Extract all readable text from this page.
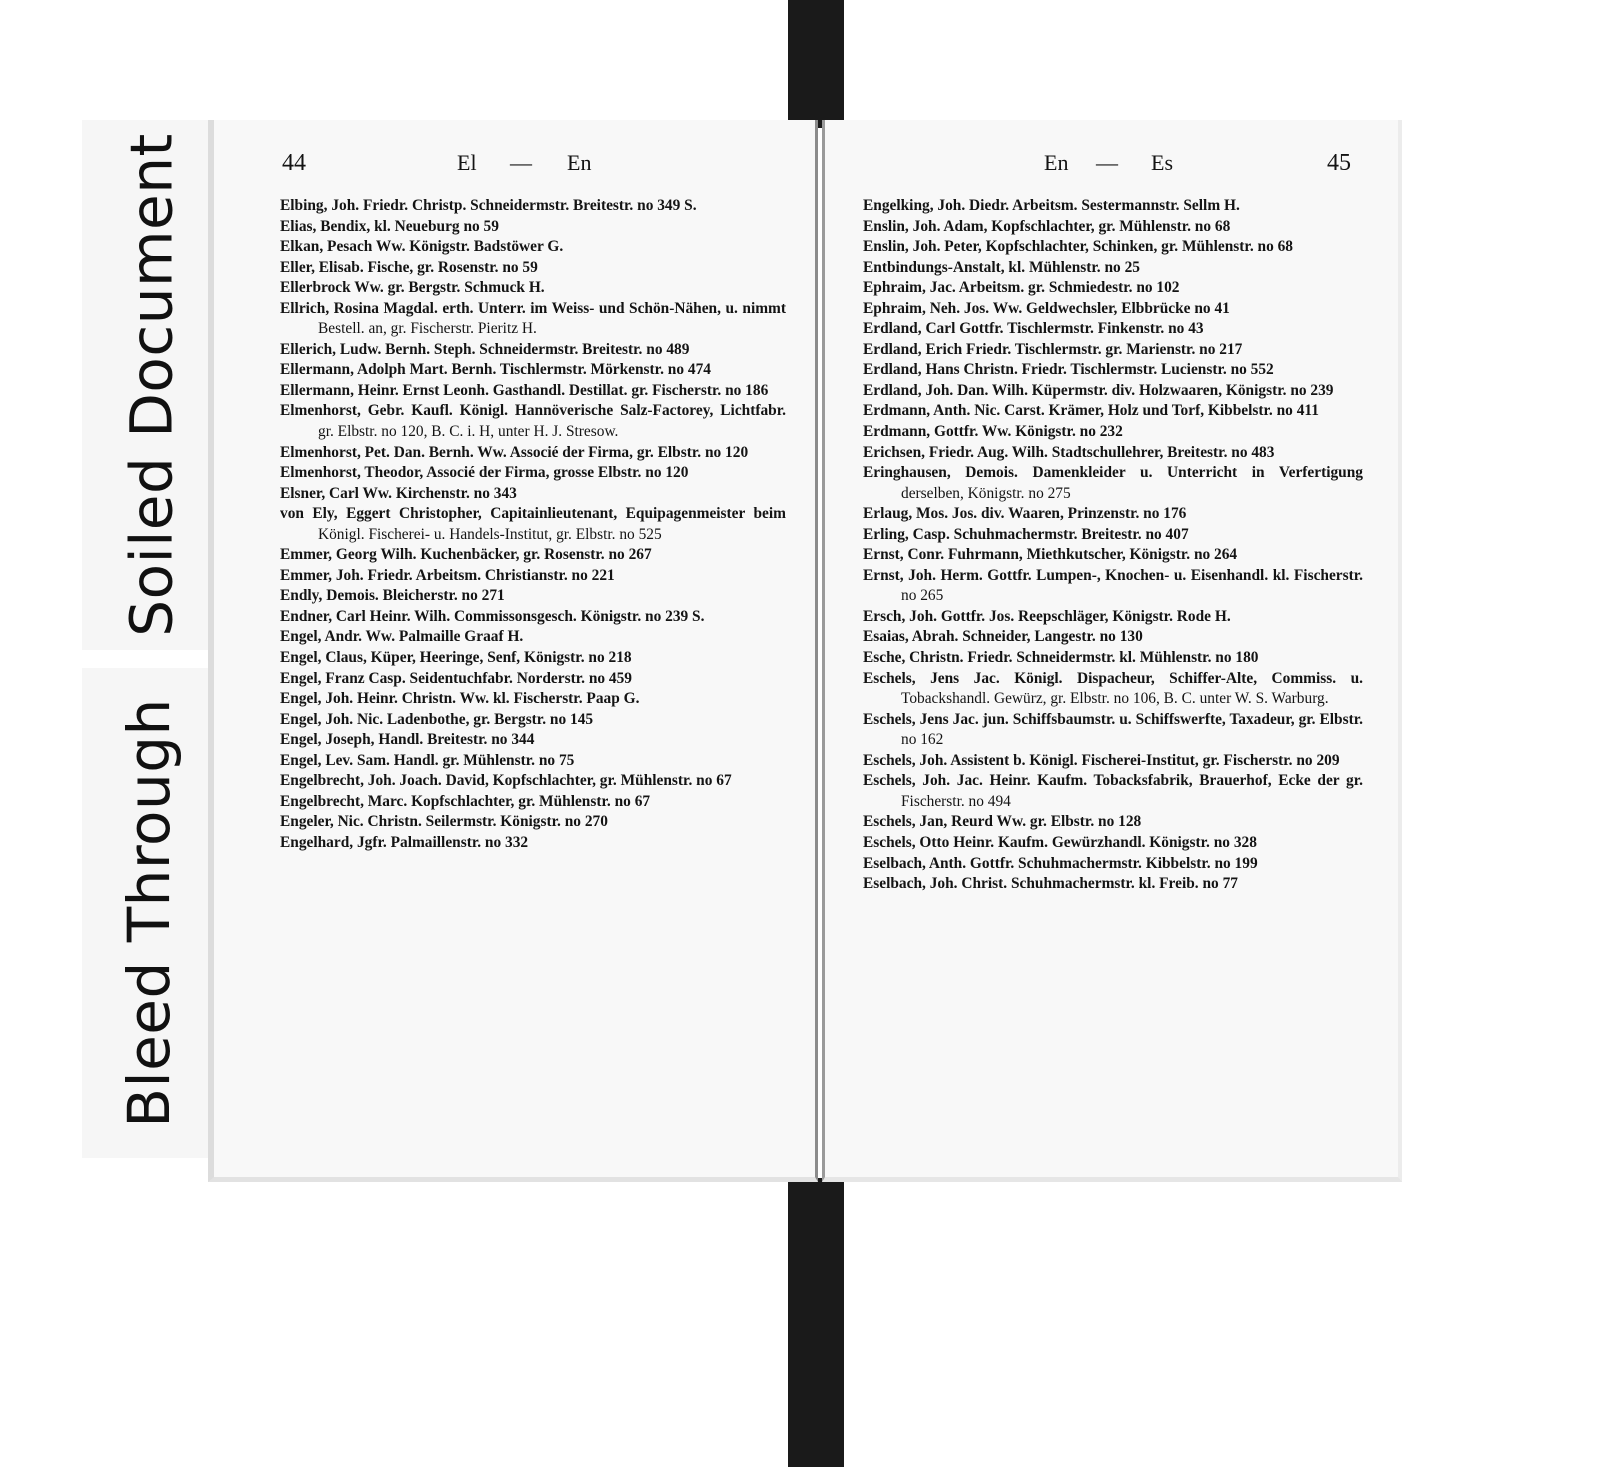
Soiled Document
Bleed Through
44	El — En

Elbing, Joh. Friedr. Christp. Schneidermstr. Breitestr. no 349 S.

Elias, Bendix, kl. Neueburg no 59

Elkan, Pesach Ww. Königstr. Badstöwer G.

Eller, Elisab. Fische, gr. Rosenstr. no 59

Ellerbrock Ww. gr. Bergstr. Schmuck H.

Ellrich, Rosina Magdal. erth. Unterr. im Weiss- und Schön-Nähen, u. nimmt Bestell. an, gr. Fischerstr. Pieritz H.

Ellerich, Ludw. Bernh. Steph. Schneidermstr. Breitestr. no 489

Ellermann, Adolph Mart. Bernh. Tischlermstr. Mörkenstr. no 474

Ellermann, Heinr. Ernst Leonh. Gasthandl. Destillat. gr. Fischerstr. no 186

Elmenhorst, Gebr. Kaufl. Königl. Hannöverische Salz-Factorey, Lichtfabr. gr. Elbstr. no 120, B. C. i. H, unter H. J. Stresow.

Elmenhorst, Pet. Dan. Bernh. Ww. Associé der Firma, gr. Elbstr. no 120

Elmenhorst, Theodor, Associé der Firma, grosse Elbstr. no 120

Elsner, Carl Ww. Kirchenstr. no 343

von Ely, Eggert Christopher, Capitainlieutenant, Equipagenmeister beim Königl. Fischerei- u. Handels-Institut, gr. Elbstr. no 525

Emmer, Georg Wilh. Kuchenbäcker, gr. Rosenstr. no 267

Emmer, Joh. Friedr. Arbeitsm. Christianstr. no 221

Endly, Demois. Bleicherstr. no 271

Endner, Carl Heinr. Wilh. Commissonsgesch. Königstr. no 239 S.

Engel, Andr. Ww. Palmaille Graaf H.

Engel, Claus, Küper, Heeringe, Senf, Königstr. no 218

Engel, Franz Casp. Seidentuchfabr. Norderstr. no 459

Engel, Joh. Heinr. Christn. Ww. kl. Fischerstr. Paap G.

Engel, Joh. Nic. Ladenbothe, gr. Bergstr. no 145

Engel, Joseph, Handl. Breitestr. no 344

Engel, Lev. Sam. Handl. gr. Mühlenstr. no 75

Engelbrecht, Joh. Joach. David, Kopfschlachter, gr. Mühlenstr. no 67

Engelbrecht, Marc. Kopfschlachter, gr. Mühlenstr. no 67

Engeler, Nic. Christn. Seilermstr. Königstr. no 270

Engelhard, Jgfr. Palmaillenstr. no 332

En — Es	45

Engelking, Joh. Diedr. Arbeitsm. Sestermannstr. Sellm H.

Enslin, Joh. Adam, Kopfschlachter, gr. Mühlenstr. no 68

Enslin, Joh. Peter, Kopfschlachter, Schinken, gr. Mühlenstr. no 68

Entbindungs-Anstalt, kl. Mühlenstr. no 25

Ephraim, Jac. Arbeitsm. gr. Schmiedestr. no 102

Ephraim, Neh. Jos. Ww. Geldwechsler, Elbbrücke no 41

Erdland, Carl Gottfr. Tischlermstr. Finkenstr. no 43

Erdland, Erich Friedr. Tischlermstr. gr. Marienstr. no 217

Erdland, Hans Christn. Friedr. Tischlermstr. Lucienstr. no 552

Erdland, Joh. Dan. Wilh. Küpermstr. div. Holzwaaren, Königstr. no 239

Erdmann, Anth. Nic. Carst. Krämer, Holz und Torf, Kibbelstr. no 411

Erdmann, Gottfr. Ww. Königstr. no 232

Erichsen, Friedr. Aug. Wilh. Stadtschullehrer, Breitestr. no 483

Eringhausen, Demois. Damenkleider u. Unterricht in Verfertigung derselben, Königstr. no 275

Erlaug, Mos. Jos. div. Waaren, Prinzenstr. no 176

Erling, Casp. Schuhmachermstr. Breitestr. no 407

Ernst, Conr. Fuhrmann, Miethkutscher, Königstr. no 264

Ernst, Joh. Herm. Gottfr. Lumpen-, Knochen- u. Eisenhandl. kl. Fischerstr. no 265

Ersch, Joh. Gottfr. Jos. Reepschläger, Königstr. Rode H.

Esaias, Abrah. Schneider, Langestr. no 130

Esche, Christn. Friedr. Schneidermstr. kl. Mühlenstr. no 180

Eschels, Jens Jac. Königl. Dispacheur, Schiffer-Alte, Commiss. u. Tobackshandl. Gewürz, gr. Elbstr. no 106, B. C. unter W. S. Warburg.

Eschels, Jens Jac. jun. Schiffsbaumstr. u. Schiffswerfte, Taxadeur, gr. Elbstr. no 162

Eschels, Joh. Assistent b. Königl. Fischerei-Institut, gr. Fischerstr. no 209

Eschels, Joh. Jac. Heinr. Kaufm. Tobacksfabrik, Brauerhof, Ecke der gr. Fischerstr. no 494

Eschels, Jan, Reurd Ww. gr. Elbstr. no 128

Eschels, Otto Heinr. Kaufm. Gewürzhandl. Königstr. no 328

Eselbach, Anth. Gottfr. Schuhmachermstr. Kibbelstr. no 199

Eselbach, Joh. Christ. Schuhmachermstr. kl. Freib. no 77
